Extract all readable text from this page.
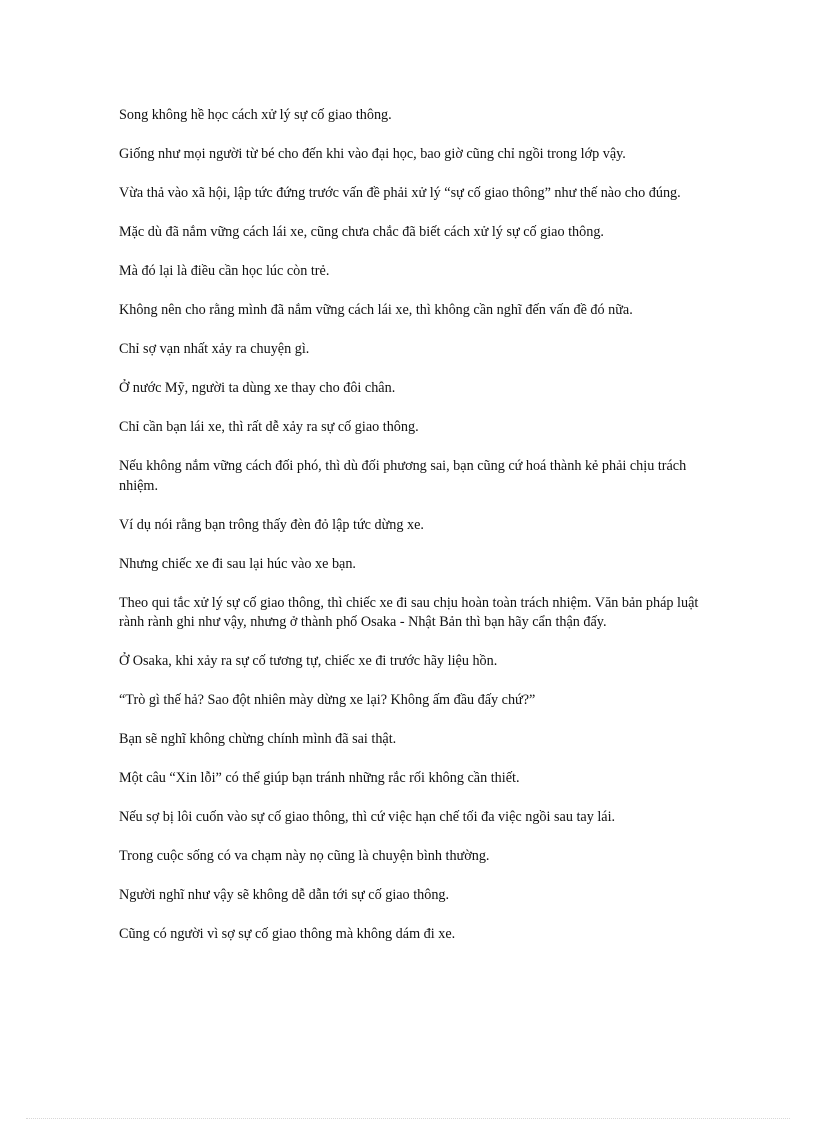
Song không hề học cách xử lý sự cố giao thông.

Giống như mọi người từ bé cho đến khi vào đại học, bao giờ cũng chỉ ngồi trong lớp vậy.

Vừa thả vào xã hội, lập tức đứng trước vấn đề phải xử lý “sự cố giao thông” như thế nào cho đúng.

Mặc dù đã nắm vững cách lái xe, cũng chưa chắc đã biết cách xử lý sự cố giao thông.

Mà đó lại là điều cần học lúc còn trẻ.

Không nên cho rằng mình đã nắm vững cách lái xe, thì không cần nghĩ đến vấn đề đó nữa.

Chỉ sợ vạn nhất xảy ra chuyện gì.

Ở nước Mỹ, người ta dùng xe thay cho đôi chân.

Chỉ cần bạn lái xe, thì rất dễ xảy ra sự cố giao thông.

Nếu không nắm vững cách đối phó, thì dù đối phương sai, bạn cũng cứ hoá thành kẻ phải chịu trách nhiệm.

Ví dụ nói rằng bạn trông thấy đèn đỏ lập tức dừng xe.

Nhưng chiếc xe đi sau lại húc vào xe bạn.

Theo qui tắc xử lý sự cố giao thông, thì chiếc xe đi sau chịu hoàn toàn trách nhiệm. Văn bản pháp luật rành rành ghi như vậy, nhưng ở thành phố Osaka - Nhật Bản thì bạn hãy cẩn thận đấy.

Ở Osaka, khi xảy ra sự cố tương tự, chiếc xe đi trước hãy liệu hồn.

“Trò gì thế hả? Sao đột nhiên mày dừng xe lại? Không ấm đầu đấy chứ?”

Bạn sẽ nghĩ không chừng chính mình đã sai thật.

Một câu “Xin lỗi” có thể giúp bạn tránh những rắc rối không cần thiết.

Nếu sợ bị lôi cuốn vào sự cố giao thông, thì cứ việc hạn chế tối đa việc ngồi sau tay lái.

Trong cuộc sống có va chạm này nọ cũng là chuyện bình thường.

Người nghĩ như vậy sẽ không dễ dẫn tới sự cố giao thông.

Cũng có người vì sợ sự cố giao thông mà không dám đi xe.
